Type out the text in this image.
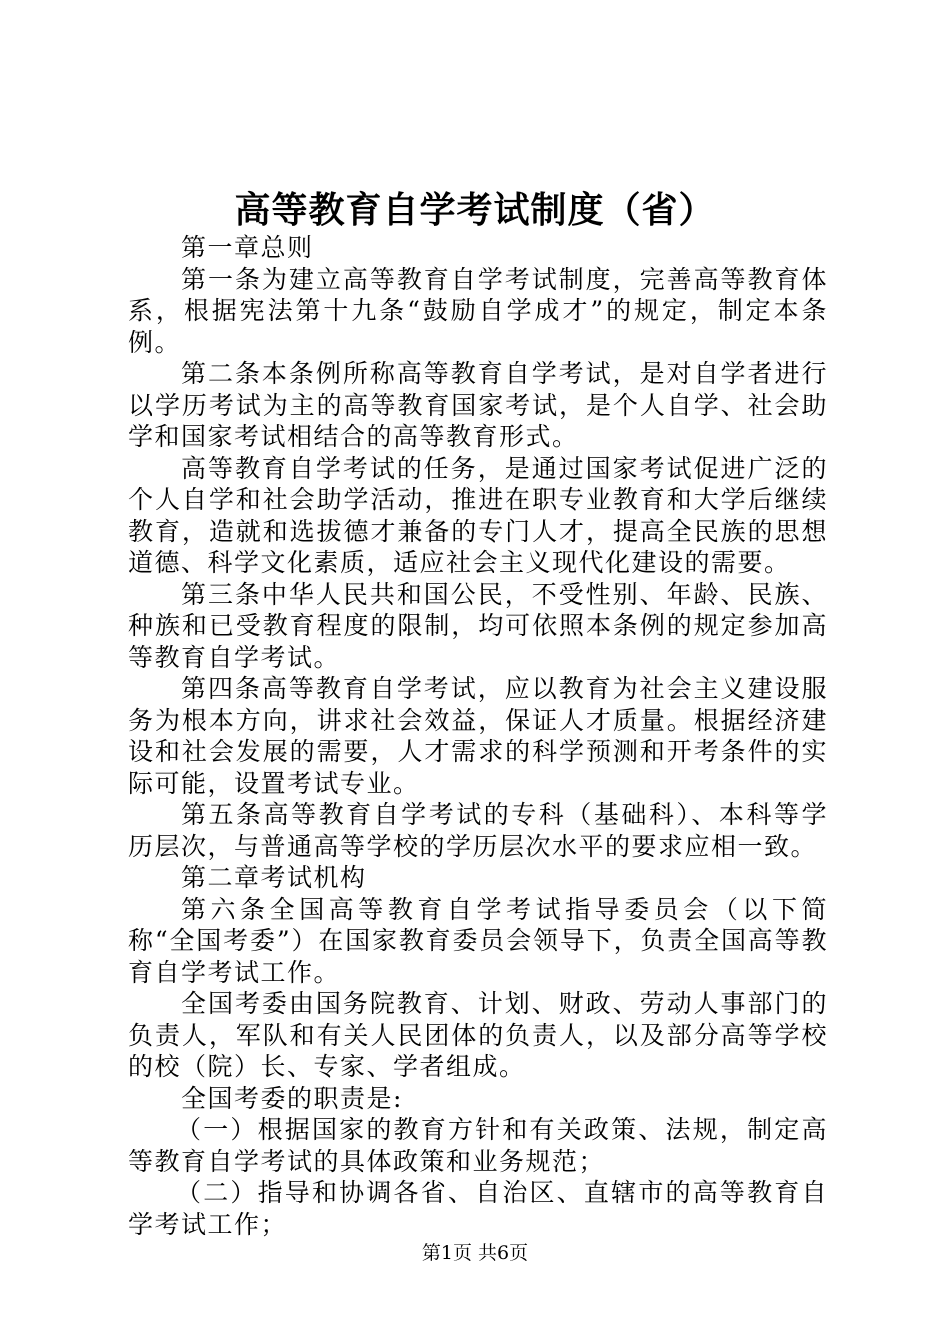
高等教育自学考试制度（省）

第一章总则

第一条为建立高等教育自学考试制度，完善高等教育体系，根据宪法第十九条“鼓励自学成才”的规定，制定本条例。

第二条本条例所称高等教育自学考试，是对自学者进行以学历考试为主的高等教育国家考试，是个人自学、社会助学和国家考试相结合的高等教育形式。

高等教育自学考试的任务，是通过国家考试促进广泛的个人自学和社会助学活动，推进在职专业教育和大学后继续教育，造就和选拔德才兼备的专门人才，提高全民族的思想道德、科学文化素质，适应社会主义现代化建设的需要。

第三条中华人民共和国公民，不受性别、年龄、民族、种族和已受教育程度的限制，均可依照本条例的规定参加高等教育自学考试。

第四条高等教育自学考试，应以教育为社会主义建设服务为根本方向，讲求社会效益，保证人才质量。根据经济建设和社会发展的需要，人才需求的科学预测和开考条件的实际可能，设置考试专业。

第五条高等教育自学考试的专科（基础科）、本科等学历层次，与普通高等学校的学历层次水平的要求应相一致。

第二章考试机构

第六条全国高等教育自学考试指导委员会（以下简称“全国考委”）在国家教育委员会领导下，负责全国高等教育自学考试工作。

全国考委由国务院教育、计划、财政、劳动人事部门的负责人，军队和有关人民团体的负责人，以及部分高等学校的校（院）长、专家、学者组成。

全国考委的职责是:

（一）根据国家的教育方针和有关政策、法规，制定高等教育自学考试的具体政策和业务规范；

（二）指导和协调各省、自治区、直辖市的高等教育自学考试工作；

第1页 共6页
